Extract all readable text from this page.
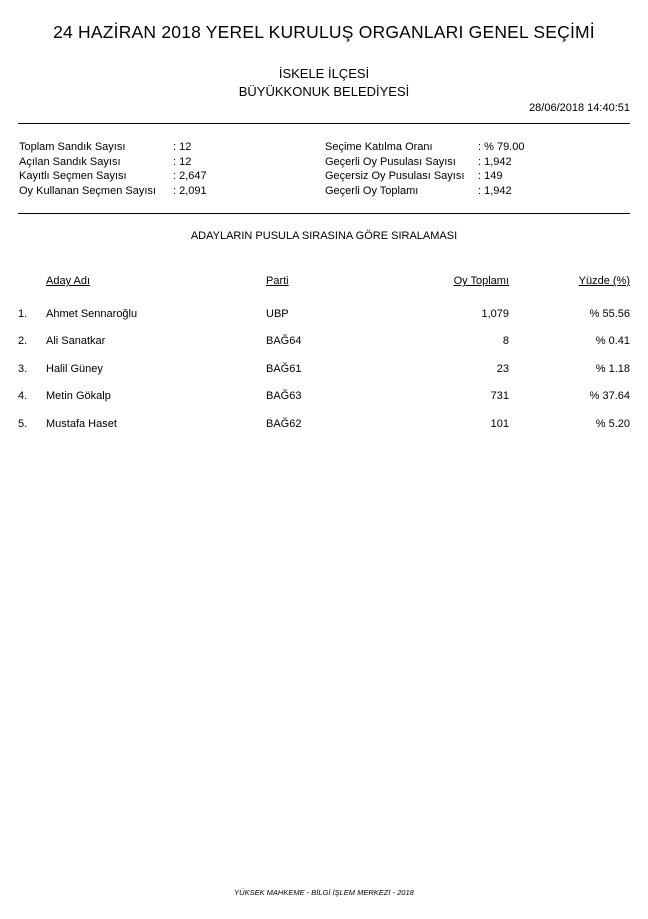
24 HAZİRAN 2018 YEREL KURULUŞ ORGANLARI GENEL SEÇİMİ
İSKELE İLÇESİ
BÜYÜKKONUK BELEDİYESİ
28/06/2018 14:40:51
Toplam Sandık Sayısı	: 12
Açılan Sandık Sayısı	: 12
Kayıtlı Seçmen Sayısı	: 2,647
Oy Kullanan Seçmen Sayısı : 2,091
Seçime Katılma Oranı	: % 79.00
Geçerli Oy Pusulası Sayısı : 1,942
Geçersiz Oy Pusulası Sayısı : 149
Geçerli Oy Toplamı	: 1,942
ADAYLARIN PUSULA SIRASINA GÖRE SIRALAMASI
Aday Adı	Parti	Oy Toplamı	Yüzde (%)
1. Ahmet Sennaroğlu	UBP	1,079	% 55.56
2. Ali Sanatkar	BAĞ64	8	% 0.41
3. Halil Güney	BAĞ61	23	% 1.18
4. Metin Gökalp	BAĞ63	731	% 37.64
5. Mustafa Haset	BAĞ62	101	% 5.20
YÜKSEK MAHKEME - BİLGİ İŞLEM MERKEZİ - 2018
